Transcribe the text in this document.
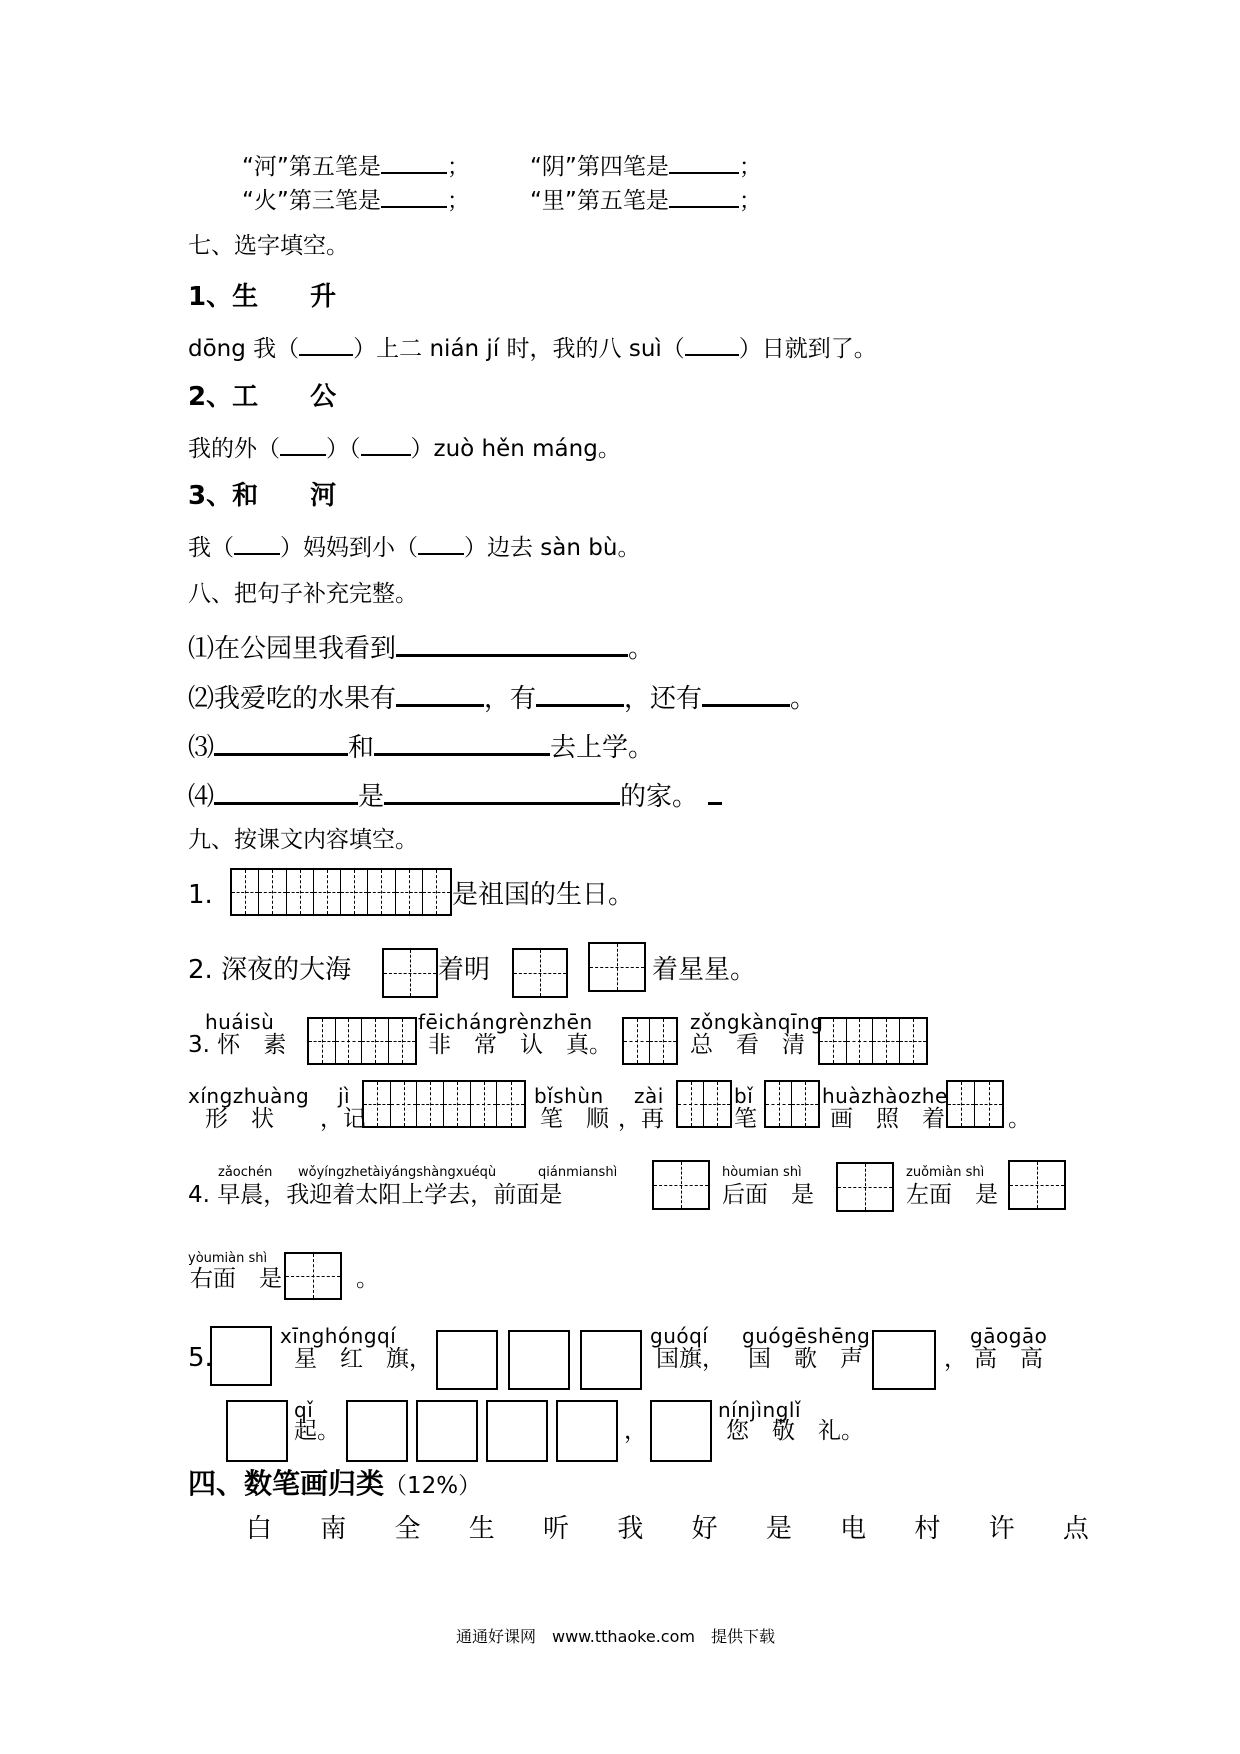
“河”第五笔是	；	“阴”第四笔是	；
“火”第三笔是	；	“里”第五笔是	；
七、选字填空。
1、生　　升
dōng 我（ ）上二 nián jí 时，我的八 suì（ ）日就到了。
2、工　　公
我的外（ ）（ ）zuò hěn máng。
3、和　　河
我（ ）妈妈到小（ ）边去 sàn bù。
八、把句子补充完整。
⑴在公园里我看到	。
⑵我爱吃的水果有	，有	，还有	。
⑶	和	去上学。
⑷	是	的家。
九、按课文内容填空。
1.	是祖国的生日。
2. 深夜的大海	着明	着星星。
huáisù
3. 怀　素
fēichángrènzhēn
非　常　认　真。
zǒngkànqīng
总　看　清
xíngzhuàng
形　状
jì
，记
bǐshùn
笔　顺
zài
，再
bǐ
笔
huàzhàozhe
画　照　着	。
zǎochén wǒyíngzhetàiyángshàngxuéqù	qiánmianshì
4. 早晨，我迎着太阳上学去，前面是
hòumian shì
后面　是
zuǒmiàn shì
左面　是
yòumiàn shì
右面　是	。
5.
xīnghóngqí
星　红　旗，
guóqí
国旗，
guógēshēng
国　歌　声	，
gāogāo
高　高
qǐ
起。	，
nínjìnglǐ
您　敬　礼。
四、数笔画归类（12%）
白 南 全 生 听 我 好 是 电 村 许 点
通通好课网　www.tthaoke.com　提供下载
